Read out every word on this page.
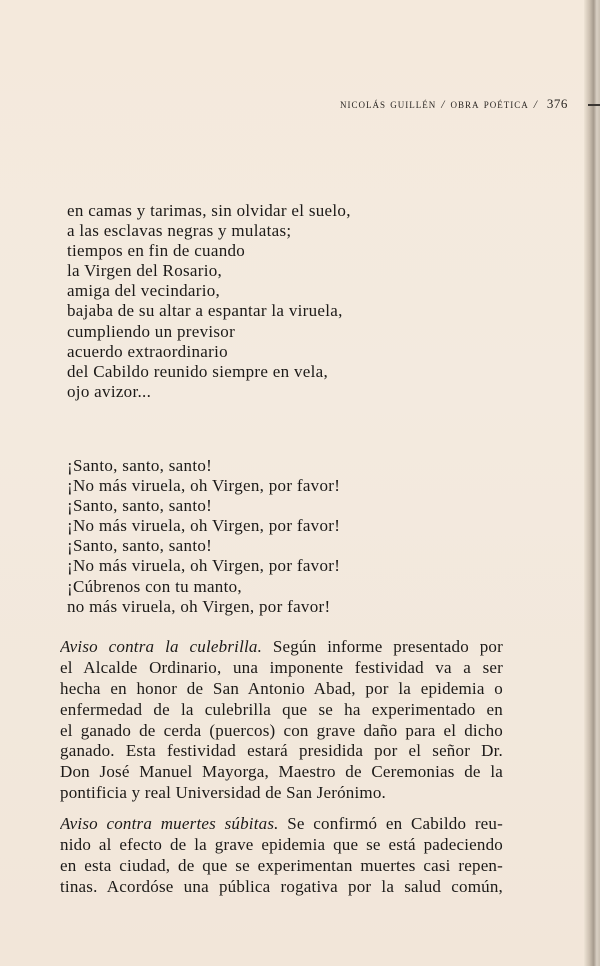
nicolás guillén / obra poética / 376
en camas y tarimas, sin olvidar el suelo,
a las esclavas negras y mulatas;
tiempos en fin de cuando
la Virgen del Rosario,
amiga del vecindario,
bajaba de su altar a espantar la viruela,
cumpliendo un previsor
acuerdo extraordinario
del Cabildo reunido siempre en vela,
ojo avizor...
¡Santo, santo, santo!
¡No más viruela, oh Virgen, por favor!
¡Santo, santo, santo!
¡No más viruela, oh Virgen, por favor!
¡Santo, santo, santo!
¡No más viruela, oh Virgen, por favor!
¡Cúbrenos con tu manto,
no más viruela, oh Virgen, por favor!
Aviso contra la culebrilla. Según informe presentado por
el Alcalde Ordinario, una imponente festividad va a ser
hecha en honor de San Antonio Abad, por la epidemia o
enfermedad de la culebrilla que se ha experimentado en
el ganado de cerda (puercos) con grave daño para el dicho
ganado. Esta festividad estará presidida por el señor Dr.
Don José Manuel Mayorga, Maestro de Ceremonias de la
pontificia y real Universidad de San Jerónimo.
Aviso contra muertes súbitas. Se confirmó en Cabildo reu-
nido al efecto de la grave epidemia que se está padeciendo
en esta ciudad, de que se experimentan muertes casi repen-
tinas. Acordóse una pública rogativa por la salud común,
